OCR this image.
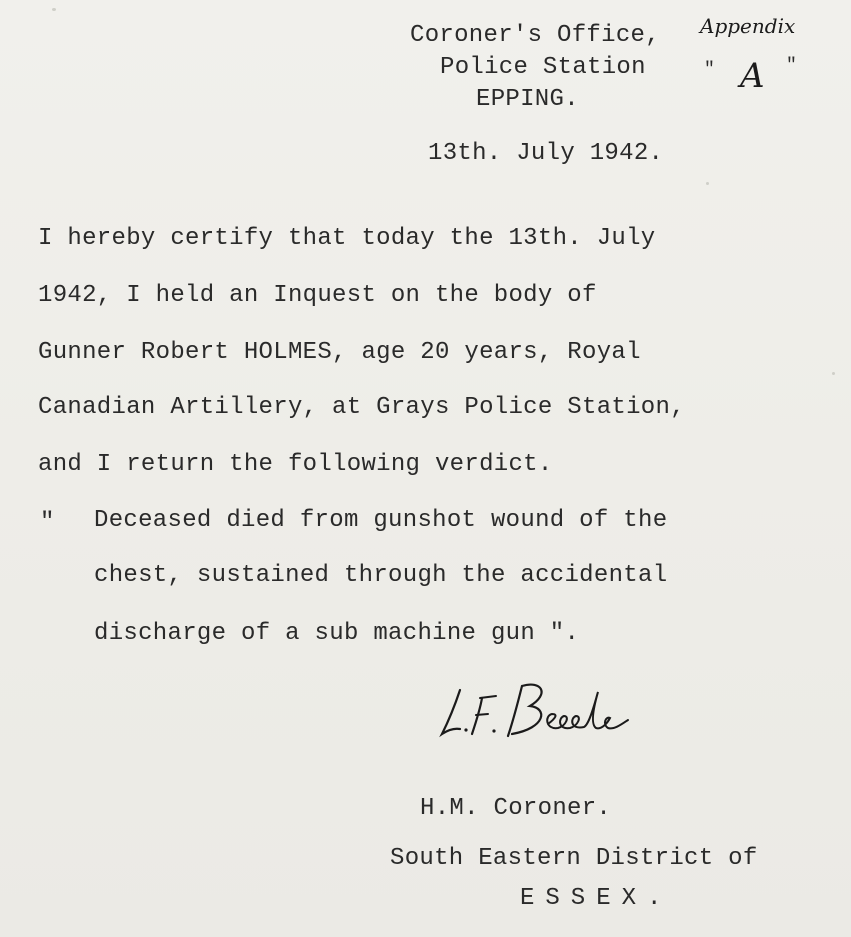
Coroner's Office,
Police Station
EPPING.
Appendix
" A "
13th. July 1942.
I hereby certify that today the 13th. July
1942, I held an Inquest on the body of
Gunner Robert HOLMES, age 20 years, Royal
Canadian Artillery, at Grays Police Station,
and I return the following verdict.
" Deceased died from gunshot wound of the
chest, sustained through the accidental
discharge of a sub machine gun ".
H.M. Coroner.
South Eastern District of
ESSEX.
